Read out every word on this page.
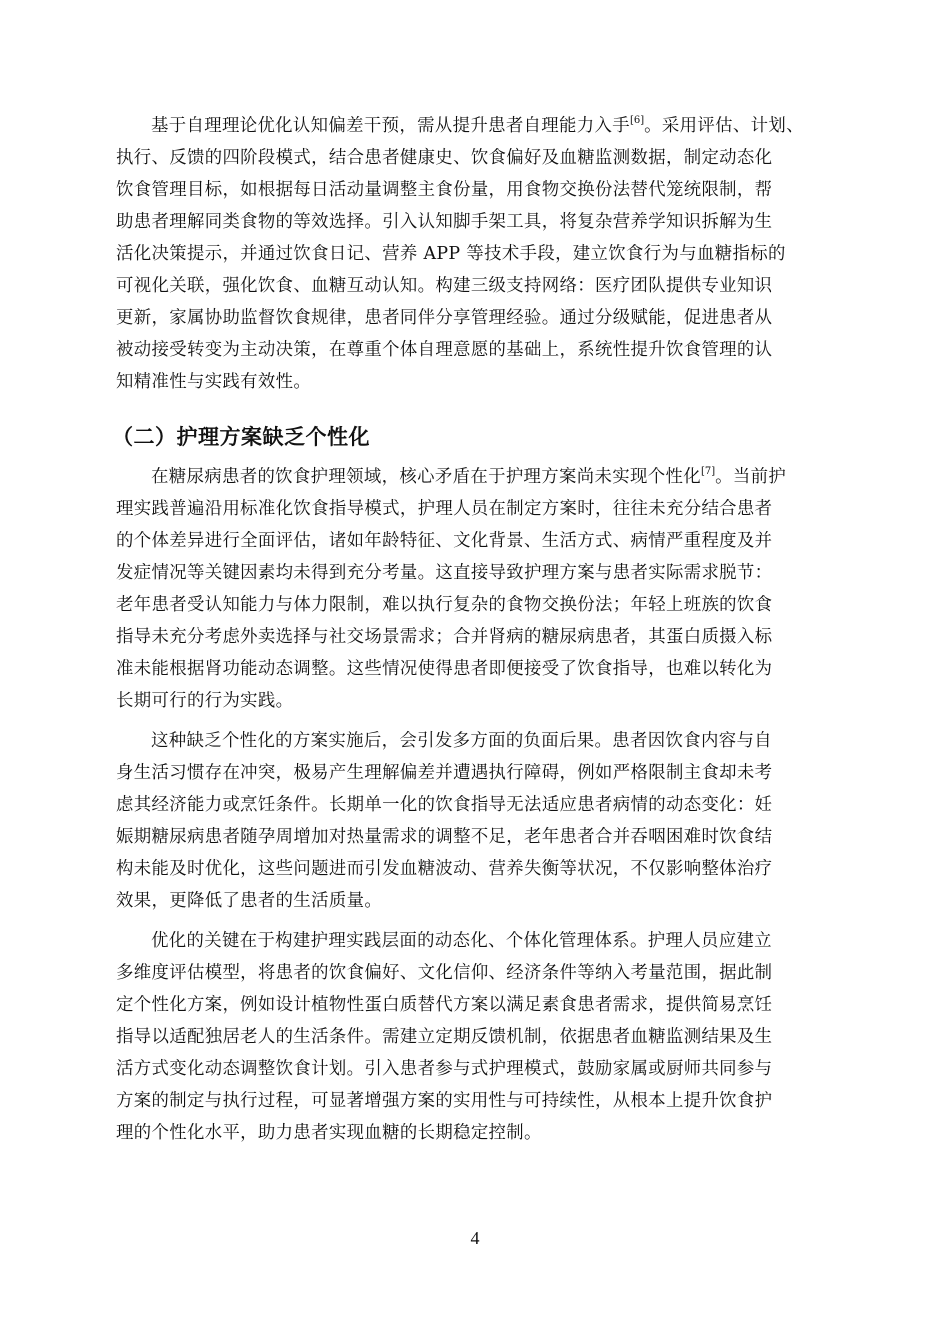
基于自理理论优化认知偏差干预，需从提升患者自理能力入手[6]。采用评估、计划、
执行、反馈的四阶段模式，结合患者健康史、饮食偏好及血糖监测数据，制定动态化
饮食管理目标，如根据每日活动量调整主食份量，用食物交换份法替代笼统限制，帮
助患者理解同类食物的等效选择。引入认知脚手架工具，将复杂营养学知识拆解为生
活化决策提示，并通过饮食日记、营养 APP 等技术手段，建立饮食行为与血糖指标的
可视化关联，强化饮食、血糖互动认知。构建三级支持网络：医疗团队提供专业知识
更新，家属协助监督饮食规律，患者同伴分享管理经验。通过分级赋能，促进患者从
被动接受转变为主动决策，在尊重个体自理意愿的基础上，系统性提升饮食管理的认
知精准性与实践有效性。
（二）护理方案缺乏个性化
在糖尿病患者的饮食护理领域，核心矛盾在于护理方案尚未实现个性化[7]。当前护
理实践普遍沿用标准化饮食指导模式，护理人员在制定方案时，往往未充分结合患者
的个体差异进行全面评估，诸如年龄特征、文化背景、生活方式、病情严重程度及并
发症情况等关键因素均未得到充分考量。这直接导致护理方案与患者实际需求脱节：
老年患者受认知能力与体力限制，难以执行复杂的食物交换份法；年轻上班族的饮食
指导未充分考虑外卖选择与社交场景需求；合并肾病的糖尿病患者，其蛋白质摄入标
准未能根据肾功能动态调整。这些情况使得患者即便接受了饮食指导，也难以转化为
长期可行的行为实践。
这种缺乏个性化的方案实施后，会引发多方面的负面后果。患者因饮食内容与自
身生活习惯存在冲突，极易产生理解偏差并遭遇执行障碍，例如严格限制主食却未考
虑其经济能力或烹饪条件。长期单一化的饮食指导无法适应患者病情的动态变化：妊
娠期糖尿病患者随孕周增加对热量需求的调整不足，老年患者合并吞咽困难时饮食结
构未能及时优化，这些问题进而引发血糖波动、营养失衡等状况，不仅影响整体治疗
效果，更降低了患者的生活质量。
优化的关键在于构建护理实践层面的动态化、个体化管理体系。护理人员应建立
多维度评估模型，将患者的饮食偏好、文化信仰、经济条件等纳入考量范围，据此制
定个性化方案，例如设计植物性蛋白质替代方案以满足素食患者需求，提供简易烹饪
指导以适配独居老人的生活条件。需建立定期反馈机制，依据患者血糖监测结果及生
活方式变化动态调整饮食计划。引入患者参与式护理模式，鼓励家属或厨师共同参与
方案的制定与执行过程，可显著增强方案的实用性与可持续性，从根本上提升饮食护
理的个性化水平，助力患者实现血糖的长期稳定控制。
4
